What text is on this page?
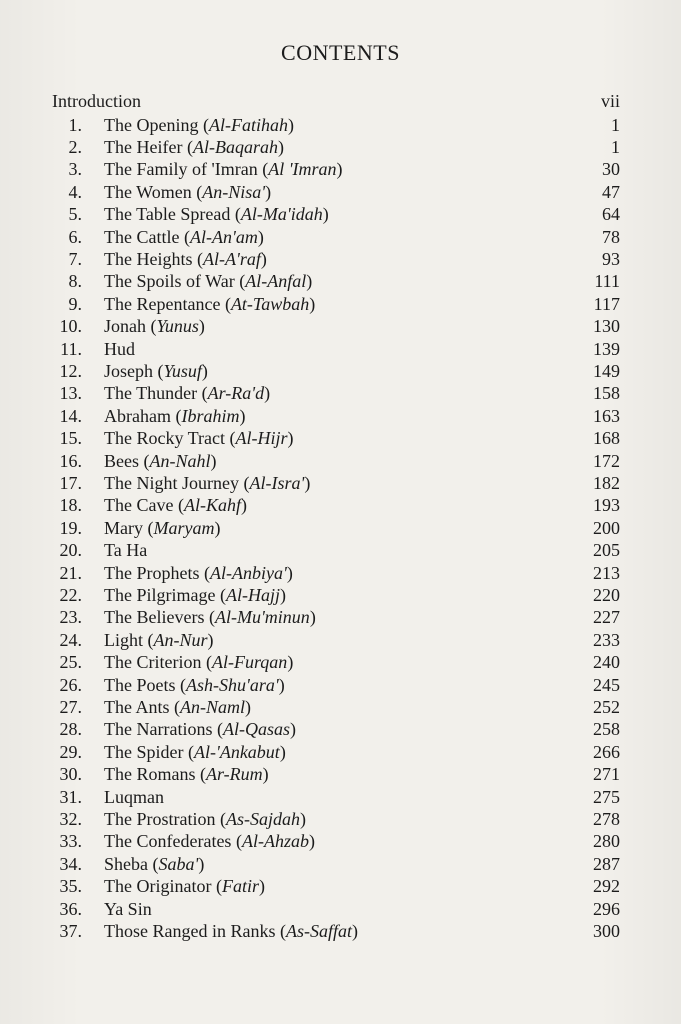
CONTENTS
Introduction	vii
1. The Opening (Al-Fatihah)	1
2. The Heifer (Al-Baqarah)	1
3. The Family of 'Imran (Al 'Imran)	30
4. The Women (An-Nisa')	47
5. The Table Spread (Al-Ma'idah)	64
6. The Cattle (Al-An'am)	78
7. The Heights (Al-A'raf)	93
8. The Spoils of War (Al-Anfal)	111
9. The Repentance (At-Tawbah)	117
10. Jonah (Yunus)	130
11. Hud	139
12. Joseph (Yusuf)	149
13. The Thunder (Ar-Ra'd)	158
14. Abraham (Ibrahim)	163
15. The Rocky Tract (Al-Hijr)	168
16. Bees (An-Nahl)	172
17. The Night Journey (Al-Isra')	182
18. The Cave (Al-Kahf)	193
19. Mary (Maryam)	200
20. Ta Ha	205
21. The Prophets (Al-Anbiya')	213
22. The Pilgrimage (Al-Hajj)	220
23. The Believers (Al-Mu'minun)	227
24. Light (An-Nur)	233
25. The Criterion (Al-Furqan)	240
26. The Poets (Ash-Shu'ara')	245
27. The Ants (An-Naml)	252
28. The Narrations (Al-Qasas)	258
29. The Spider (Al-'Ankabut)	266
30. The Romans (Ar-Rum)	271
31. Luqman	275
32. The Prostration (As-Sajdah)	278
33. The Confederates (Al-Ahzab)	280
34. Sheba (Saba')	287
35. The Originator (Fatir)	292
36. Ya Sin	296
37. Those Ranged in Ranks (As-Saffat)	300
